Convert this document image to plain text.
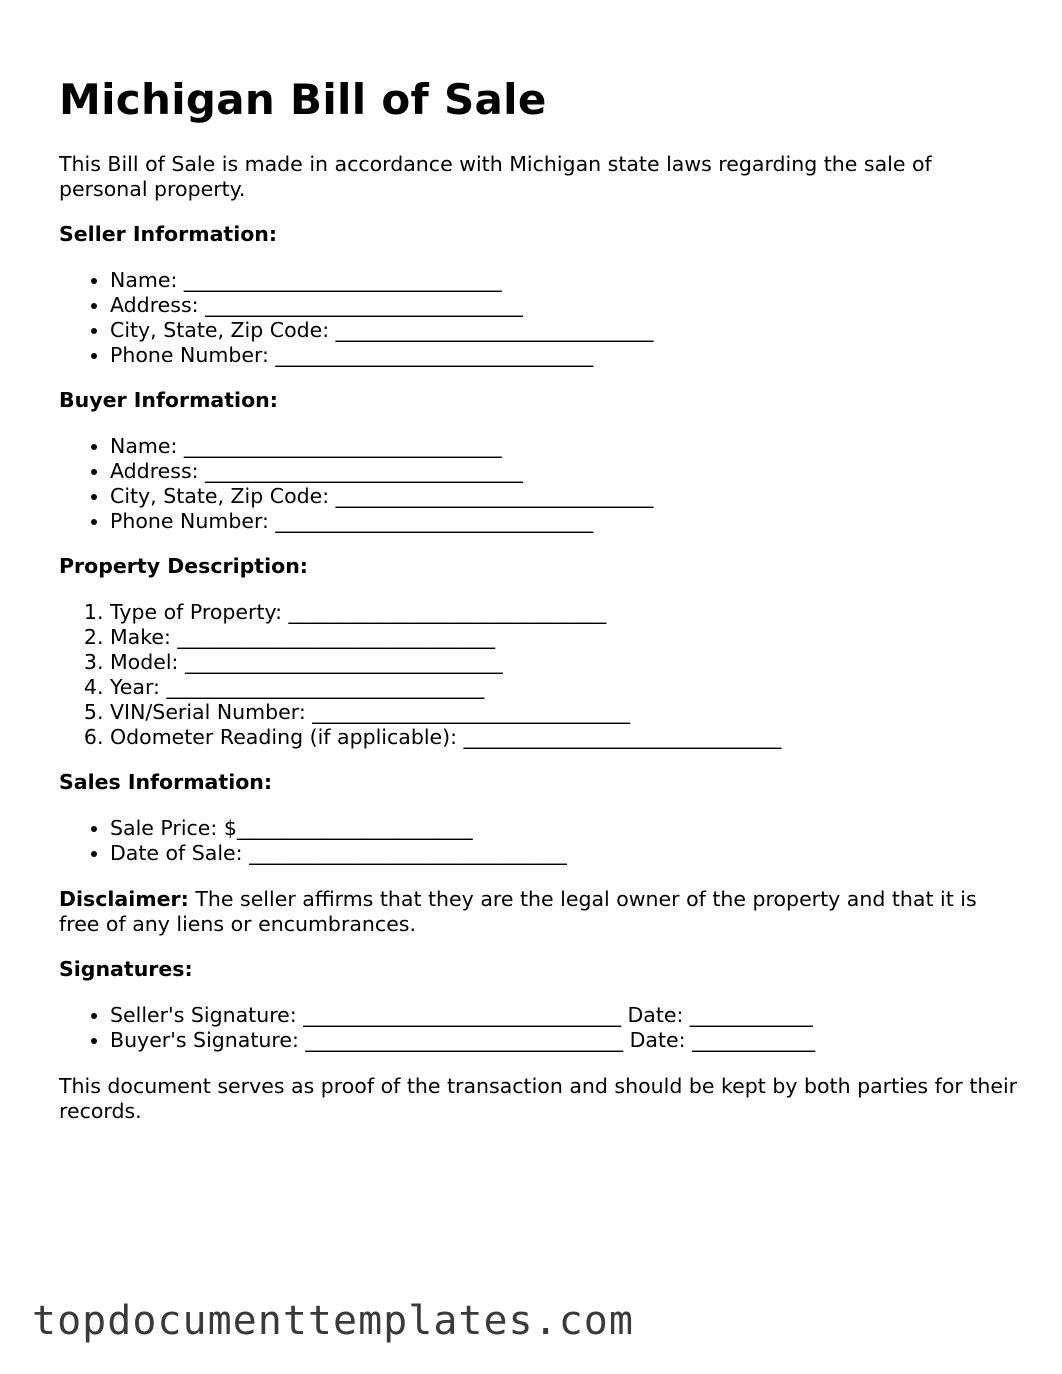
Michigan Bill of Sale

This Bill of Sale is made in accordance with Michigan state laws regarding the sale of personal property.

Seller Information:

• Name: _______________________________
• Address: _______________________________
• City, State, Zip Code: _______________________________
• Phone Number: _______________________________

Buyer Information:

• Name: _______________________________
• Address: _______________________________
• City, State, Zip Code: _______________________________
• Phone Number: _______________________________

Property Description:

1. Type of Property: _______________________________
2. Make: _______________________________
3. Model: _______________________________
4. Year: _______________________________
5. VIN/Serial Number: _______________________________
6. Odometer Reading (if applicable): _______________________________

Sales Information:

• Sale Price: $_______________________
• Date of Sale: _______________________________

Disclaimer: The seller affirms that they are the legal owner of the property and that it is free of any liens or encumbrances.

Signatures:

• Seller's Signature: _______________________________ Date: ____________
• Buyer's Signature: _______________________________ Date: ____________

This document serves as proof of the transaction and should be kept by both parties for their records.

topdocumenttemplates.com
